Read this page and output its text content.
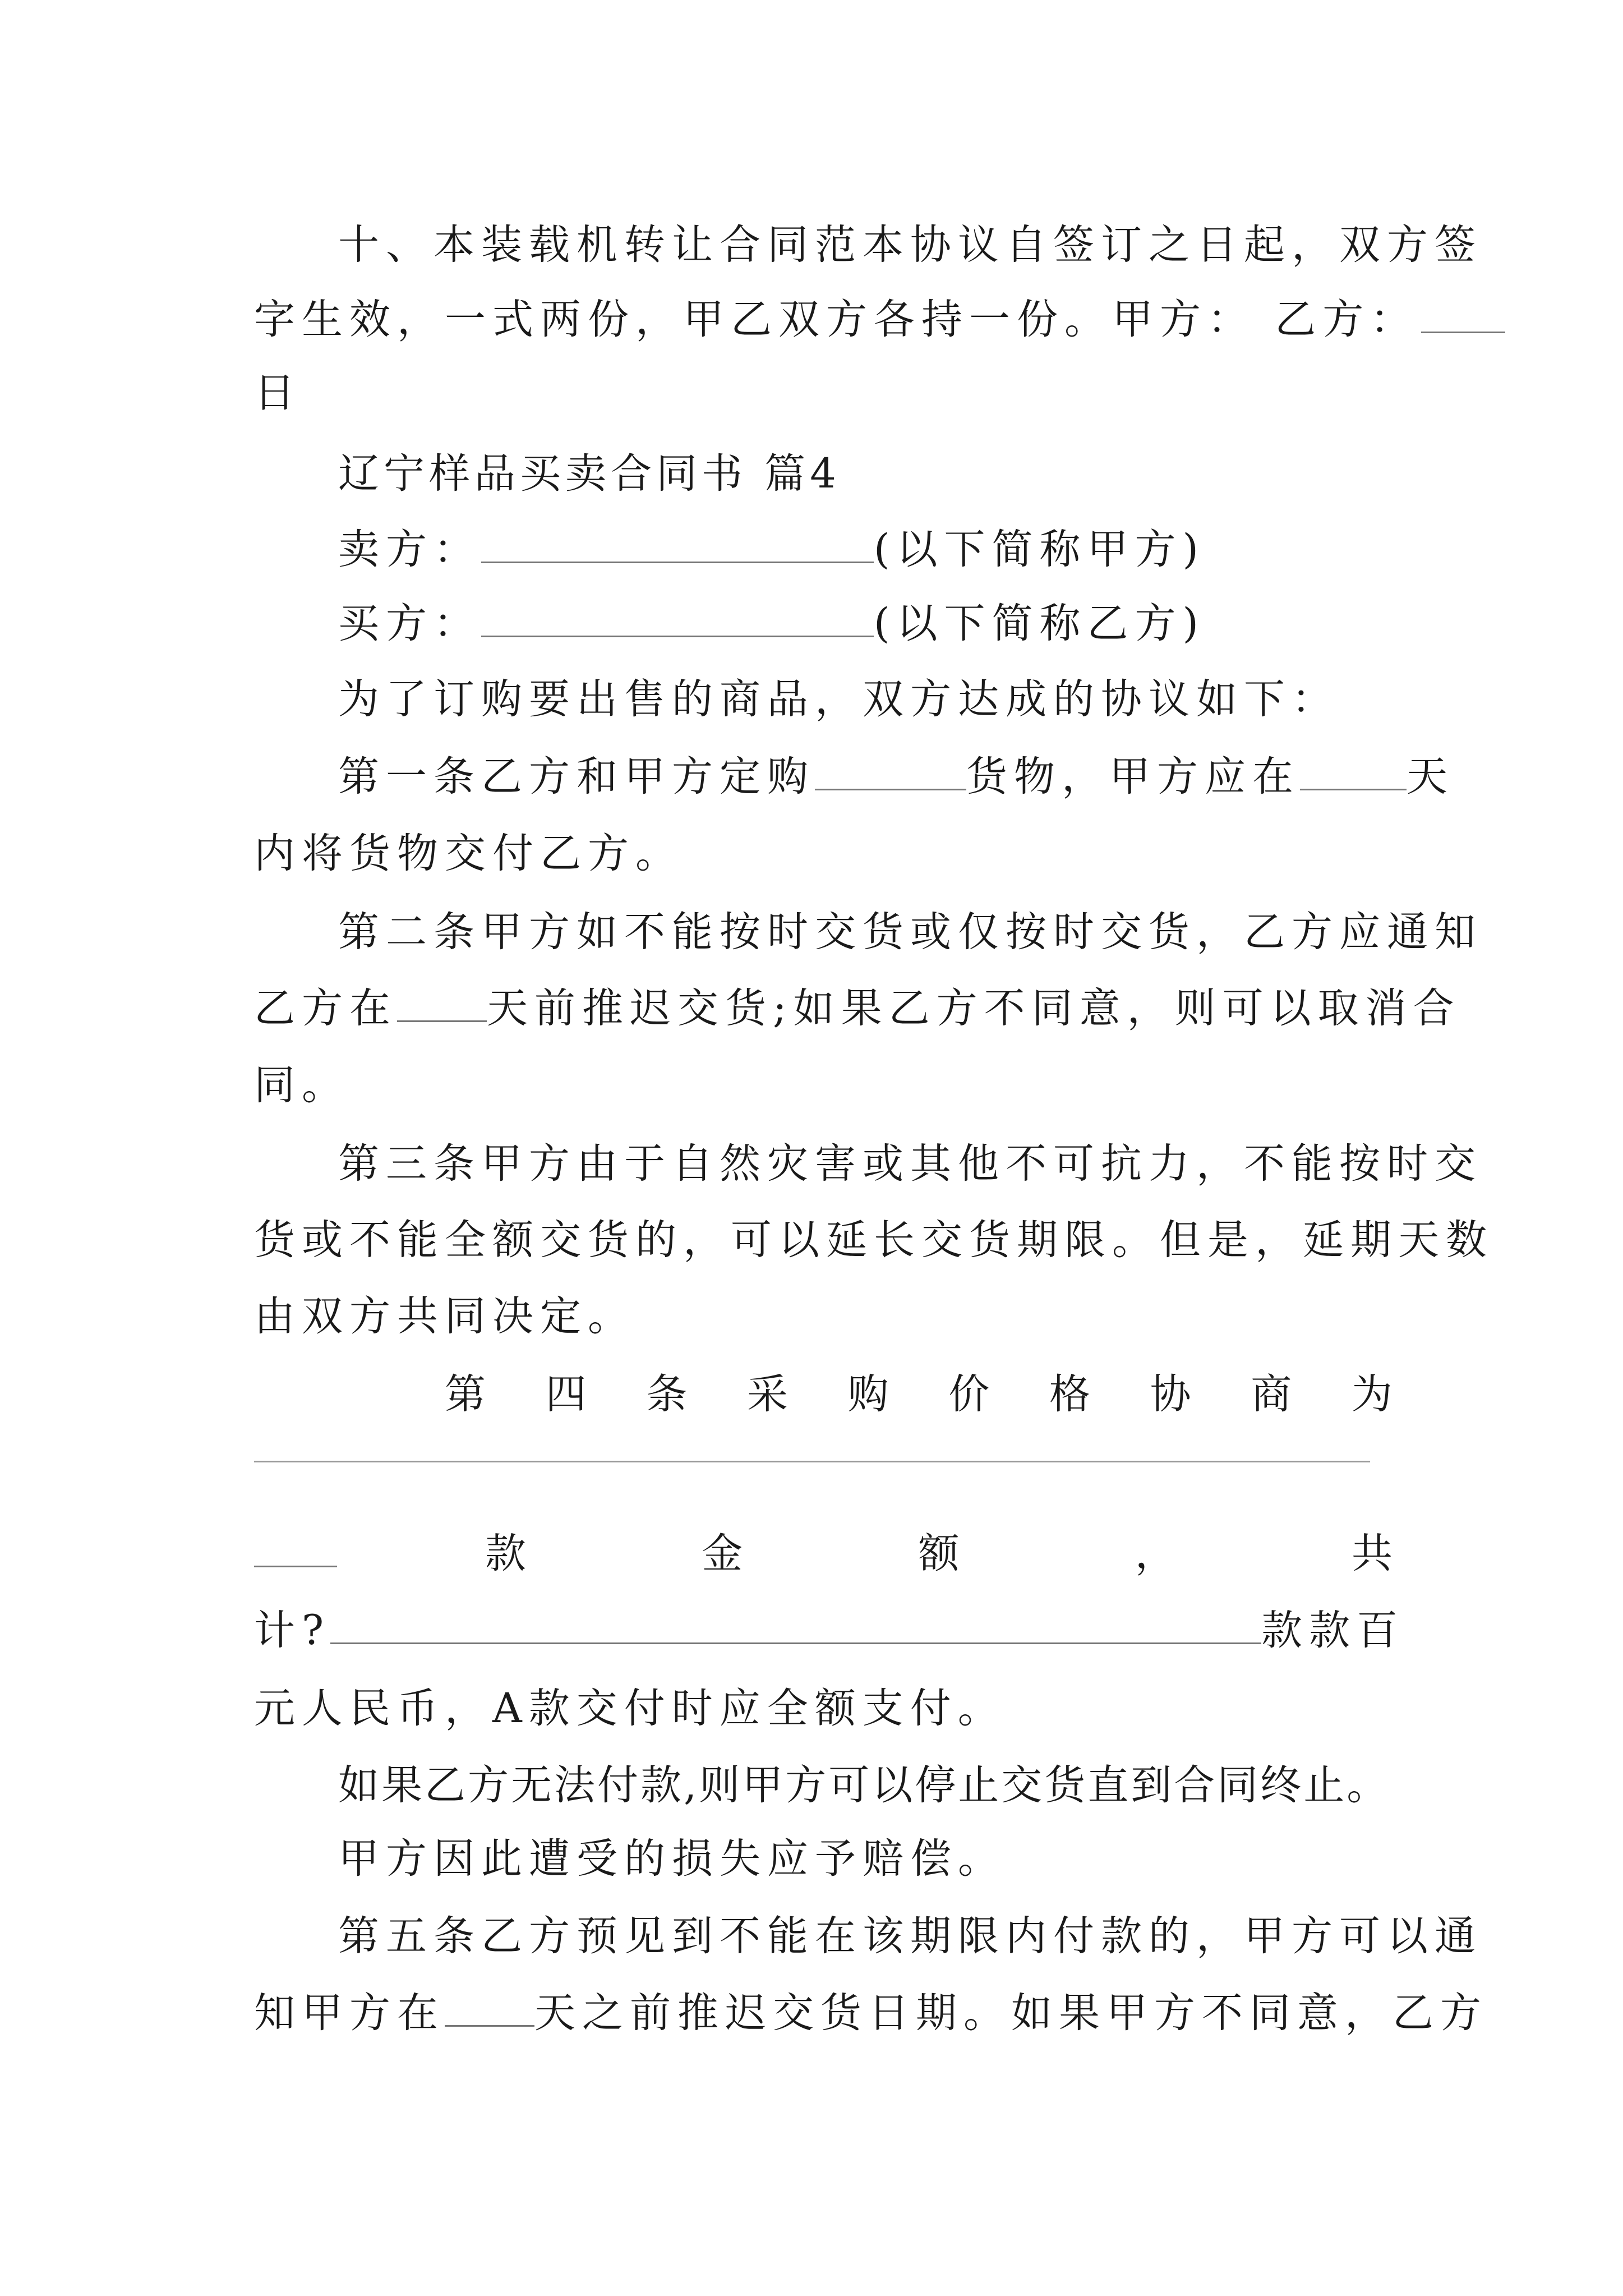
十、本装载机转让合同范本协议自签订之日起，双方签
字生效，一式两份，甲乙双方各持一份。甲方： 乙方：
日
辽宁样品买卖合同书 篇4
卖方：	(以下简称甲方)
买方：	(以下简称乙方)
为了订购要出售的商品，双方达成的协议如下：
第一条乙方和甲方定购	货物，甲方应在	天
内将货物交付乙方。
第二条甲方如不能按时交货或仅按时交货，乙方应通知
乙方在 天前推迟交货;如果乙方不同意，则可以取消合
同。
第三条甲方由于自然灾害或其他不可抗力，不能按时交
货或不能全额交货的，可以延长交货期限。但是，延期天数
由双方共同决定。
第 四 条 采 购 价 格 协 商 为
款	金	额	，	共
计?	款款百
元人民币，A款交付时应全额支付。
如果乙方无法付款,则甲方可以停止交货直到合同终止。
甲方因此遭受的损失应予赔偿。
第五条乙方预见到不能在该期限内付款的，甲方可以通
知甲方在 天之前推迟交货日期。如果甲方不同意，乙方
